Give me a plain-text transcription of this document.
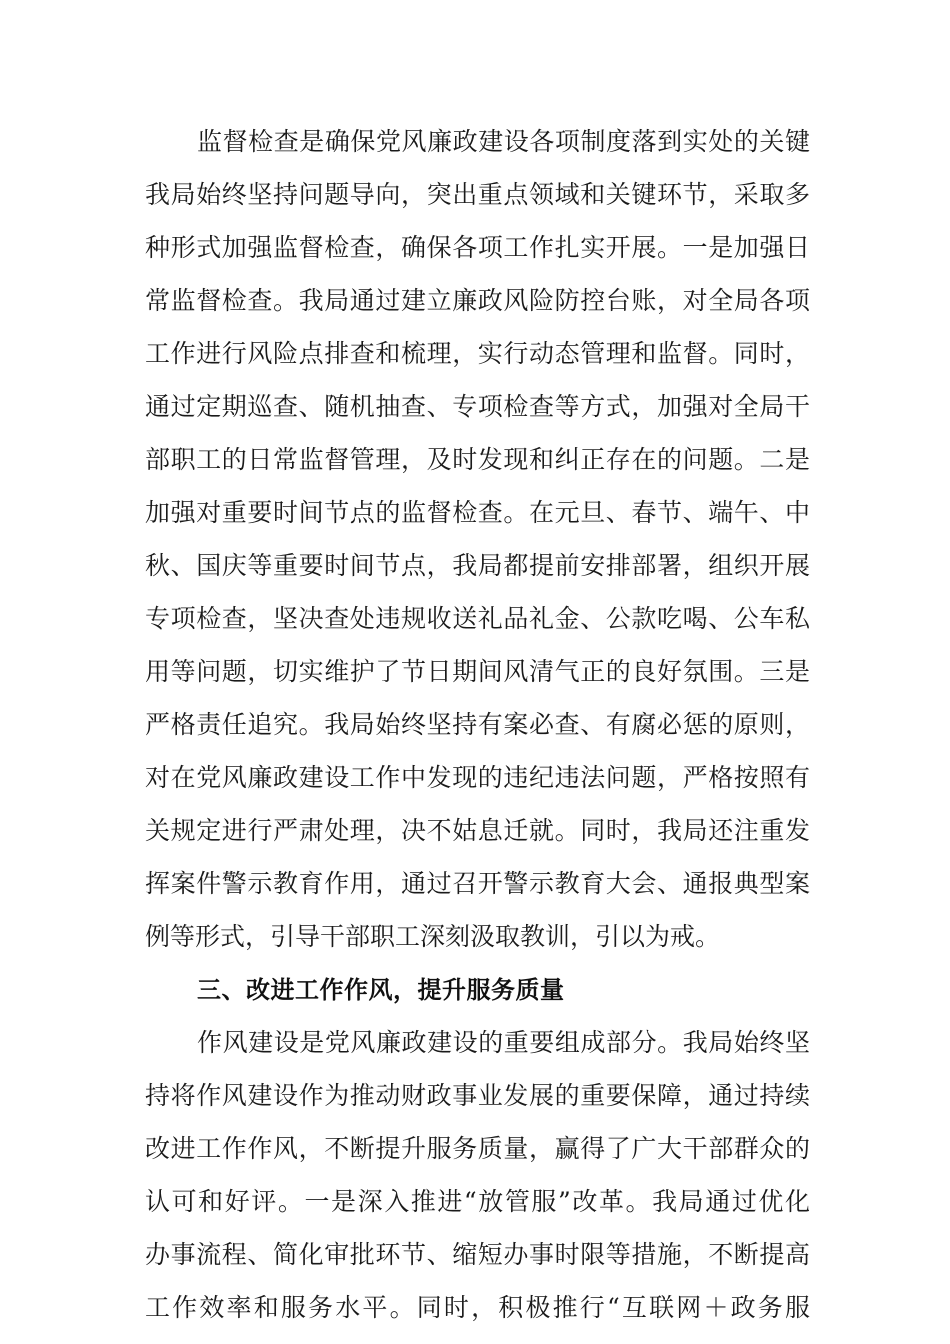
监督检查是确保党风廉政建设各项制度落到实处的关键
我局始终坚持问题导向，突出重点领域和关键环节，采取多
种形式加强监督检查，确保各项工作扎实开展。一是加强日
常监督检查。我局通过建立廉政风险防控台账，对全局各项
工作进行风险点排查和梳理，实行动态管理和监督。同时，
通过定期巡查、随机抽查、专项检查等方式，加强对全局干
部职工的日常监督管理，及时发现和纠正存在的问题。二是
加强对重要时间节点的监督检查。在元旦、春节、端午、中
秋、国庆等重要时间节点，我局都提前安排部署，组织开展
专项检查，坚决查处违规收送礼品礼金、公款吃喝、公车私
用等问题，切实维护了节日期间风清气正的良好氛围。三是
严格责任追究。我局始终坚持有案必查、有腐必惩的原则，
对在党风廉政建设工作中发现的违纪违法问题，严格按照有
关规定进行严肃处理，决不姑息迁就。同时，我局还注重发
挥案件警示教育作用，通过召开警示教育大会、通报典型案
例等形式，引导干部职工深刻汲取教训，引以为戒。
三、改进工作作风，提升服务质量
作风建设是党风廉政建设的重要组成部分。我局始终坚
持将作风建设作为推动财政事业发展的重要保障，通过持续
改进工作作风，不断提升服务质量，赢得了广大干部群众的
认可和好评。一是深入推进“放管服”改革。我局通过优化
办事流程、简化审批环节、缩短办事时限等措施，不断提高
工作效率和服务水平。同时，积极推行“互联网＋政务服
